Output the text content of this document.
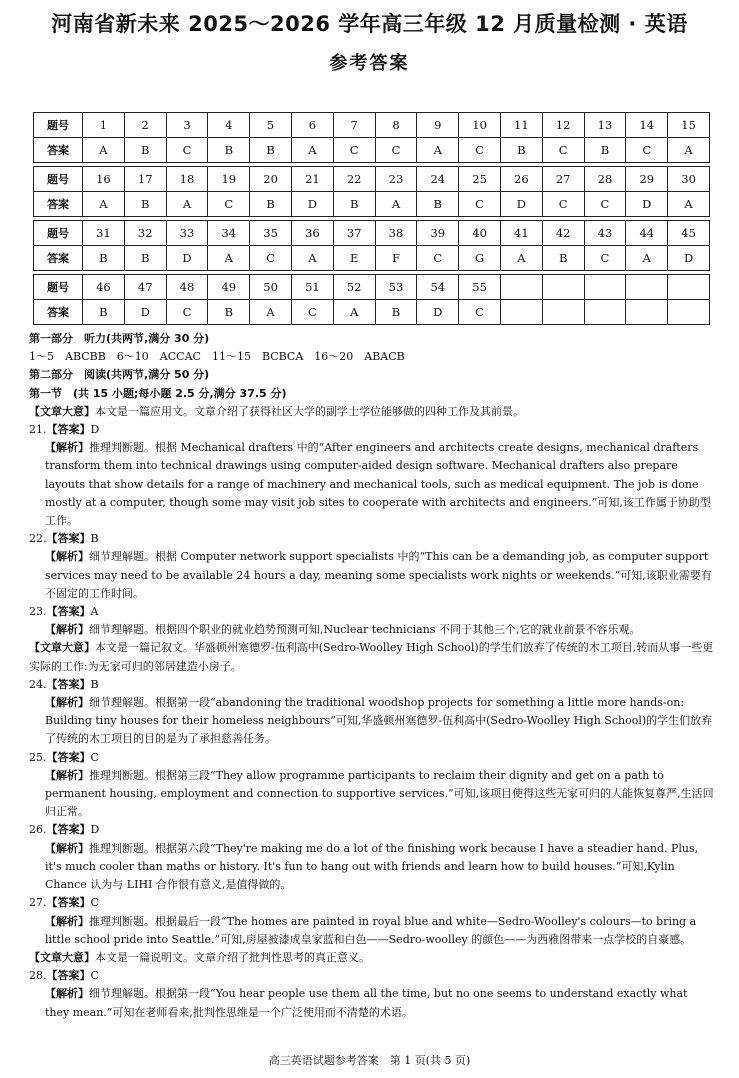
河南省新未来 2025～2026 学年高三年级 12 月质量检测 · 英语
参考答案
题号	1	2	3	4	5	6	7	8	9	10	11	12	13	14	15
答案	A	B	C	B	B	A	C	C	A	C	B	C	B	C	A
题号	16	17	18	19	20	21	22	23	24	25	26	27	28	29	30
答案	A	B	A	C	B	D	B	A	B	C	D	C	C	D	A
题号	31	32	33	34	35	36	37	38	39	40	41	42	43	44	45
答案	B	B	D	A	C	A	E	F	C	G	A	B	C	A	D
题号	46	47	48	49	50	51	52	53	54	55					
答案	B	D	C	B	A	C	A	B	D	C					

第一部分　听力(共两节,满分 30 分)

1～5　ABCBB　6～10　ACCAC　11～15　BCBCA　16～20　ABACB

第二部分　阅读(共两节,满分 50 分)

第一节　(共 15 小题;每小题 2.5 分,满分 37.5 分)

【文章大意】本文是一篇应用文。文章介绍了获得社区大学的副学士学位能够做的四种工作及其前景。

21.【答案】D

【解析】推理判断题。根据 Mechanical drafters 中的“After engineers and architects create designs, mechanical drafters transform them into technical drawings using computer-aided design software. Mechanical drafters also prepare layouts that show details for a range of machinery and mechanical tools, such as medical equipment. The job is done mostly at a computer, though some may visit job sites to cooperate with architects and engineers.”可知,该工作属于协助型工作。

22.【答案】B

【解析】细节理解题。根据 Computer network support specialists 中的“This can be a demanding job, as computer support services may need to be available 24 hours a day, meaning some specialists work nights or weekends.”可知,该职业需要有不固定的工作时间。

23.【答案】A

【解析】细节理解题。根据四个职业的就业趋势预测可知,Nuclear technicians 不同于其他三个,它的就业前景不容乐观。

【文章大意】本文是一篇记叙文。华盛顿州塞德罗-伍利高中(Sedro-Woolley High School)的学生们放弃了传统的木工项目,转而从事一些更实际的工作:为无家可归的邻居建造小房子。

24.【答案】B

【解析】细节理解题。根据第一段“abandoning the traditional woodshop projects for something a little more hands-on: Building tiny houses for their homeless neighbours”可知,华盛顿州塞德罗-伍利高中(Sedro-Woolley High School)的学生们放弃了传统的木工项目的目的是为了承担慈善任务。

25.【答案】C

【解析】推理判断题。根据第三段“They allow programme participants to reclaim their dignity and get on a path to permanent housing, employment and connection to supportive services.”可知,该项目使得这些无家可归的人能恢复尊严,生活回归正常。

26.【答案】D

【解析】推理判断题。根据第六段“They're making me do a lot of the finishing work because I have a steadier hand. Plus, it's much cooler than maths or history. It's fun to hang out with friends and learn how to build houses.”可知,Kylin Chance 认为与 LIHI 合作很有意义,是值得做的。

27.【答案】C

【解析】推理判断题。根据最后一段“The homes are painted in royal blue and white—Sedro-Woolley's colours—to bring a little school pride into Seattle.”可知,房屋被漆成皇家蓝和白色——Sedro-woolley 的颜色——为西雅图带来一点学校的自豪感。

【文章大意】本文是一篇说明文。文章介绍了批判性思考的真正意义。

28.【答案】C

【解析】细节理解题。根据第一段“You hear people use them all the time, but no one seems to understand exactly what they mean.”可知在老师看来,批判性思维是一个广泛使用而不清楚的术语。

高三英语试题参考答案　第 1 页(共 5 页)
